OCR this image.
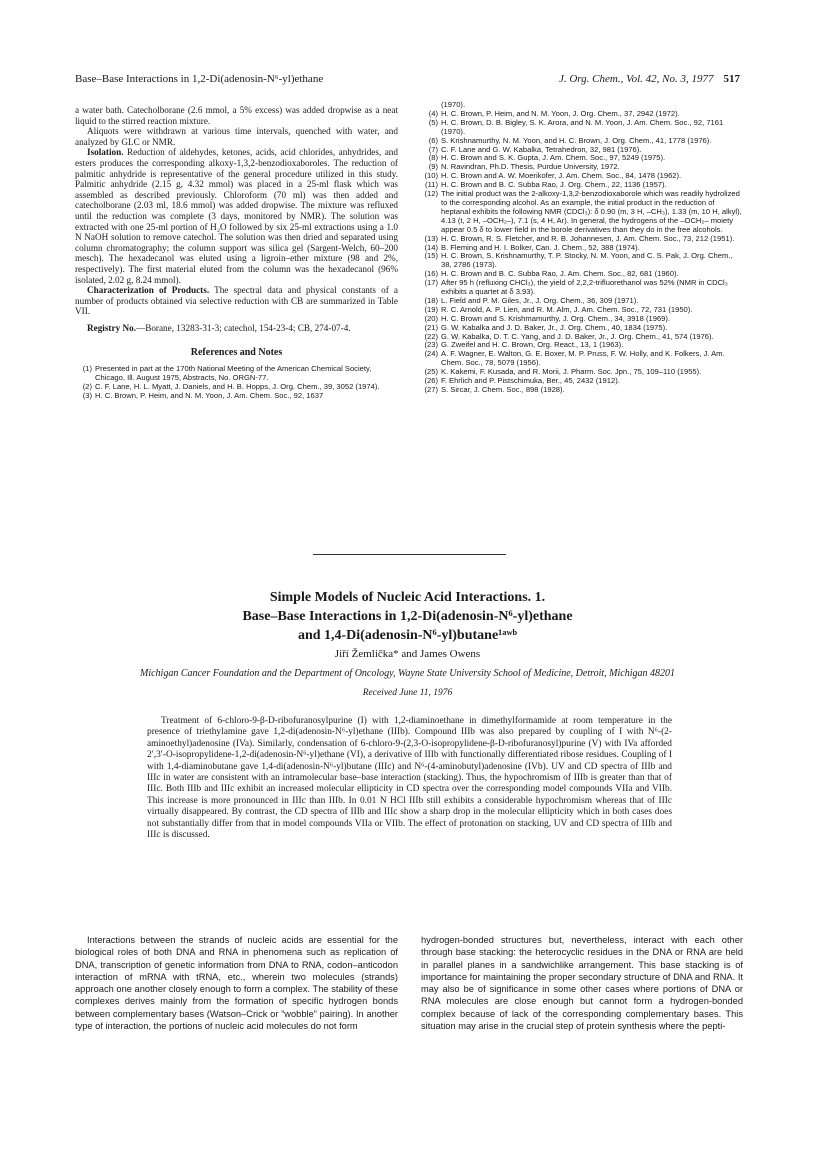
Base–Base Interactions in 1,2-Di(adenosin-N⁶-yl)ethane	J. Org. Chem., Vol. 42, No. 3, 1977 517

a water bath. Catecholborane (2.6 mmol, a 5% excess) was added dropwise as a neat liquid to the stirred reaction mixture.

Aliquots were withdrawn at various time intervals, quenched with water, and analyzed by GLC or NMR.

Isolation. Reduction of aldehydes, ketones, acids, acid chlorides, anhydrides, and esters produces the corresponding alkoxy-1,3,2-benzodioxaboroles. The reduction of palmitic anhydride is representative of the general procedure utilized in this study. Palmitic anhydride (2.15 g, 4.32 mmol) was placed in a 25-ml flask which was assembled as described previously. Chloroform (70 ml) was then added and catecholborane (2.03 ml, 18.6 mmol) was added dropwise. The mixture was refluxed until the reduction was complete (3 days, monitored by NMR). The solution was extracted with one 25-ml portion of H₂O followed by six 25-ml extractions using a 1.0 N NaOH solution to remove catechol. The solution was then dried and separated using column chromatography; the column support was silica gel (Sargent-Welch, 60–200 mesch). The hexadecanol was eluted using a ligroin–ether mixture (98 and 2%, respectively). The first material eluted from the column was the hexadecanol (96% isolated, 2.02 g, 8.24 mmol).

Characterization of Products. The spectral data and physical constants of a number of products obtained via selective reduction with CB are summarized in Table VII.

Registry No.—Borane, 13283-31-3; catechol, 154-23-4; CB, 274-07-4.

References and Notes
(1) Presented in part at the 170th National Meeting of the American Chemical Society, Chicago, Ill. August 1975, Abstracts, No. ORGN-77.
(2) C. F. Lane, H. L. Myatt, J. Daniels, and H. B. Hopps, J. Org. Chem., 39, 3052 (1974).
(3) H. C. Brown, P. Heim, and N. M. Yoon, J. Am. Chem. Soc., 92, 1637
(1970).
(4) H. C. Brown, P. Heim, and N. M. Yoon, J. Org. Chem., 37, 2942 (1972).
(5) H. C. Brown, D. B. Bigley, S. K. Arora, and N. M. Yoon, J. Am. Chem. Soc., 92, 7161 (1970).
(6) S. Krishnamurthy, N. M. Yoon, and H. C. Brown, J. Org. Chem., 41, 1778 (1976).
(7) C. F. Lane and G. W. Kabalka, Tetrahedron, 32, 981 (1976).
(8) H. C. Brown and S. K. Gupta, J. Am. Chem. Soc., 97, 5249 (1975).
(9) N. Ravindran, Ph.D. Thesis, Purdue University, 1972.
(10) H. C. Brown and A. W. Moerikofer, J. Am. Chem. Soc., 84, 1478 (1962).
(11) H. C. Brown and B. C. Subba Rao, J. Org. Chem., 22, 1136 (1957).
(12) The initial product was the 2-alkoxy-1,3,2-benzodioxaborole which was readily hydrolized to the corresponding alcohol. As an example, the initial product in the reduction of heptanal exhibits the following NMR (CDCl₃): δ 0.90 (m, 3 H, –CH₃), 1.33 (m, 10 H, alkyl), 4.13 (t, 2 H, –OCH₂–), 7.1 (s, 4 H, Ar). In general, the hydrogens of the –OCH₂– moiety appear 0.5 δ to lower field in the borole derivatives than they do in the free alcohols.
(13) H. C. Brown, R. S. Fletcher, and R. B. Johannesen, J. Am. Chem. Soc., 73, 212 (1951).
(14) B. Fleming and H. I. Bolker, Can. J. Chem., 52, 388 (1974).
(15) H. C. Brown, S. Krishnamurthy, T. P. Stocky, N. M. Yoon, and C. S. Pak, J. Org. Chem., 38, 2786 (1973).
(16) H. C. Brown and B. C. Subba Rao, J. Am. Chem. Soc., 82, 681 (1960).
(17) After 95 h (refluxing CHCl₃), the yield of 2,2,2-trifluorethanol was 52% (NMR in CDCl₃ exhibits a quartet at δ 3.93).
(18) L. Field and P. M. Giles, Jr., J. Org. Chem., 36, 309 (1971).
(19) R. C. Arnold, A. P. Lien, and R. M. Alm, J. Am. Chem. Soc., 72, 731 (1950).
(20) H. C. Brown and S. Krishmamurthy, J. Org. Chem., 34, 3918 (1969).
(21) G. W. Kabalka and J. D. Baker, Jr., J. Org. Chem., 40, 1834 (1975).
(22) G. W. Kabalka, D. T. C. Yang, and J. D. Baker, Jr., J. Org. Chem., 41, 574 (1976).
(23) G. Zweifel and H. C. Brown, Org. React., 13, 1 (1963).
(24) A. F. Wagner, E. Walton, G. E. Boxer, M. P. Pruss, F. W. Holly, and K. Folkers, J. Am. Chem. Soc., 78, 5079 (1956).
(25) K. Kakemi, F. Kusada, and R. Morii, J. Pharm. Soc. Jpn., 75, 109–110 (1955).
(26) F. Ehrlich and P. Pistschimuka, Ber., 45, 2432 (1912).
(27) S. Sircar, J. Chem. Soc., 898 (1928).
Simple Models of Nucleic Acid Interactions. 1.
Base–Base Interactions in 1,2-Di(adenosin-N⁶-yl)ethane
and 1,4-Di(adenosin-N⁶-yl)butane¹ᵃʷᵇ
Jiří Žemlička* and James Owens
Michigan Cancer Foundation and the Department of Oncology, Wayne State University School of Medicine, Detroit, Michigan 48201
Received June 11, 1976
Treatment of 6-chloro-9-β-D-ribofuranosylpurine (I) with 1,2-diaminoethane in dimethylformamide at room temperature in the presence of triethylamine gave 1,2-di(adenosin-N⁶-yl)ethane (IIIb). Compound IIIb was also prepared by coupling of I with N⁶-(2-aminoethyl)adenosine (IVa). Similarly, condensation of 6-chloro-9-(2,3-O-isopropylidene-β-D-ribofuranosyl)purine (V) with IVa afforded 2′,3′-O-isopropylidene-1,2-di(adenosin-N⁶-yl)ethane (VI), a derivative of IIIb with functionally differentiated ribose residues. Coupling of I with 1,4-diaminobutane gave 1,4-di(adenosin-N⁶-yl)butane (IIIc) and N⁶-(4-aminobutyl)adenosine (IVb). UV and CD spectra of IIIb and IIIc in water are consistent with an intramolecular base–base interaction (stacking). Thus, the hypochromism of IIIb is greater than that of IIIc. Both IIIb and IIIc exhibit an increased molecular ellipticity in CD spectra over the corresponding model compounds VIIa and VIIb. This increase is more pronounced in IIIc than IIIb. In 0.01 N HCl IIIb still exhibits a considerable hypochromism whereas that of IIIc virtually disappeared. By contrast, the CD spectra of IIIb and IIIc show a sharp drop in the molecular ellipticity which in both cases does not substantially differ from that in model compounds VIIa or VIIb. The effect of protonation on stacking, UV and CD spectra of IIIb and IIIc is discussed.
Interactions between the strands of nucleic acids are essential for the biological roles of both DNA and RNA in phenomena such as replication of DNA, transcription of genetic information from DNA to RNA, codon–anticodon interaction of mRNA with tRNA, etc., wherein two molecules (strands) approach one another closely enough to form a complex. The stability of these complexes derives mainly from the formation of specific hydrogen bonds between complementary bases (Watson–Crick or “wobble” pairing). In another type of interaction, the portions of nucleic acid molecules do not form
hydrogen-bonded structures but, nevertheless, interact with each other through base stacking: the heterocyclic residues in the DNA or RNA are held in parallel planes in a sandwichlike arrangement. This base stacking is of importance for maintaining the proper secondary structure of DNA and RNA. It may also be of significance in some other cases where portions of DNA or RNA molecules are close enough but cannot form a hydrogen-bonded complex because of lack of the corresponding complementary bases. This situation may arise in the crucial step of protein synthesis where the pepti-
